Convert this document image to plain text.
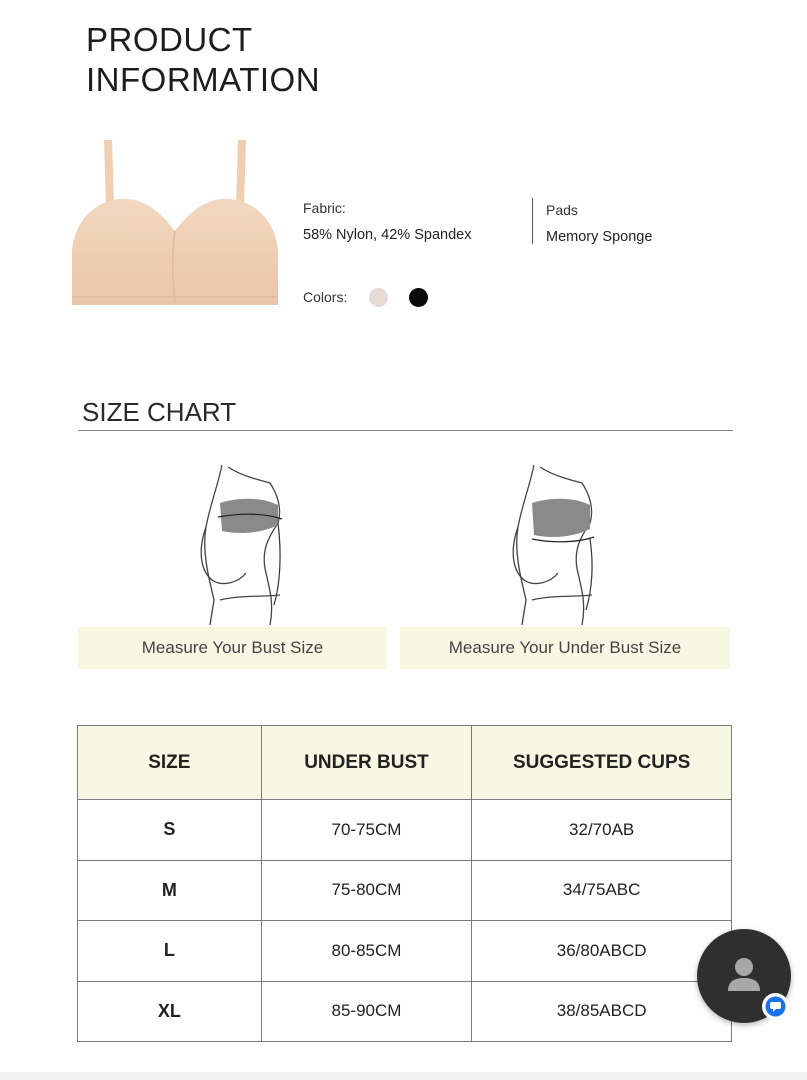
PRODUCT
INFORMATION
Fabric:
58% Nylon, 42% Spandex
Pads
Memory Sponge
Colors:
SIZE CHART
Measure Your Bust Size	Measure Your Under Bust Size
SIZE	UNDER BUST	SUGGESTED CUPS
S	70-75CM	32/70AB
M	75-80CM	34/75ABC
L	80-85CM	36/80ABCD
XL	85-90CM	38/85ABCD
